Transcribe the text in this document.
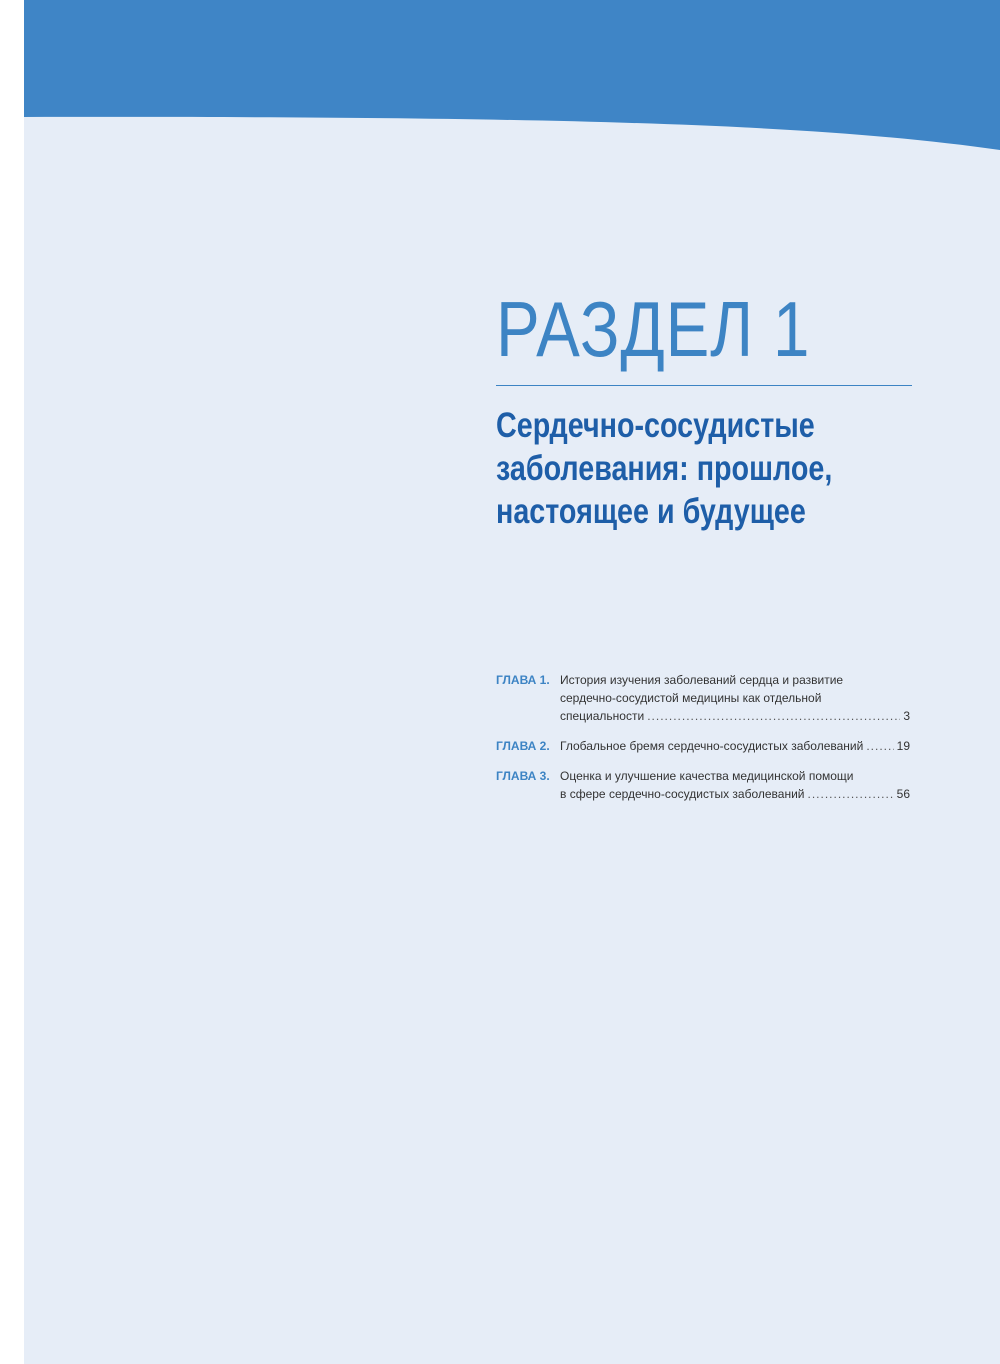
РАЗДЕЛ 1
Сердечно-сосудистые
заболевания: прошлое,
настоящее и будущее
ГЛАВА 1. История изучения заболеваний сердца и развитие
сердечно-сосудистой медицины как отдельной
специальности .....	3
ГЛАВА 2. Глобальное бремя сердечно-сосудистых заболеваний .....	19
ГЛАВА 3. Оценка и улучшение качества медицинской помощи
в сфере сердечно-сосудистых заболеваний .....	56
